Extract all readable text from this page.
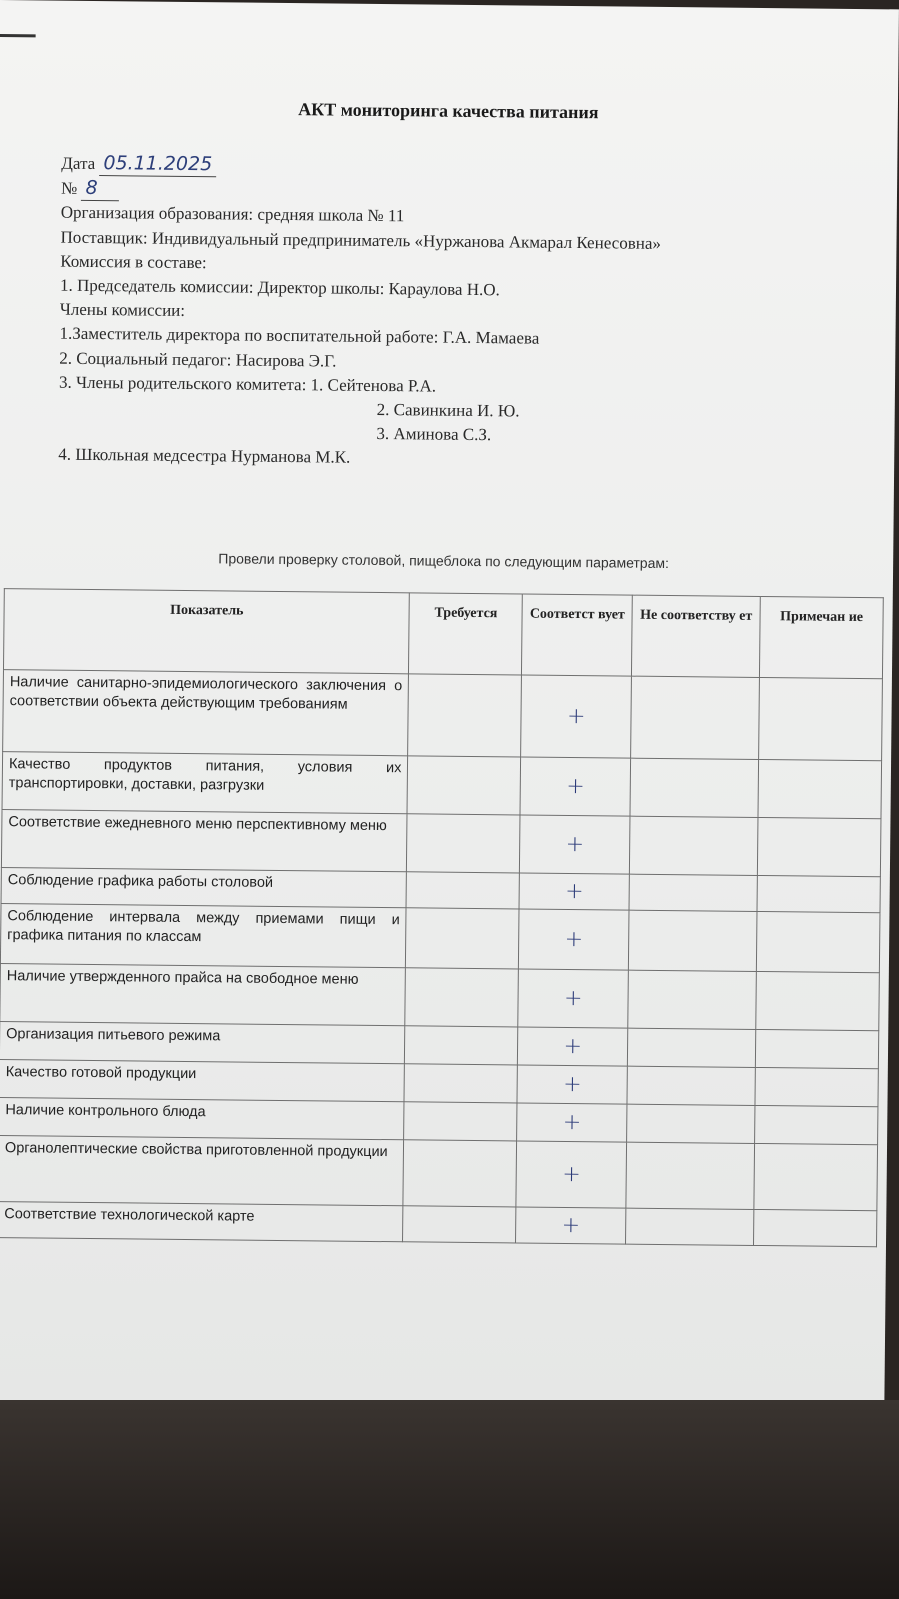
АКТ мониторинга качества питания
Дата 05.11.2025
№ 8
Организация образования: средняя школа № 11
Поставщик: Индивидуальный предприниматель «Нуржанова Акмарал Кенесовна»
Комиссия в составе:
1. Председатель комиссии: Директор школы: Караулова Н.О.
Члены комиссии:
1.Заместитель директора по воспитательной работе: Г.А. Мамаева
2. Социальный педагог: Насирова Э.Г.
3. Члены родительского комитета: 1. Сейтенова Р.А.
2. Савинкина И. Ю.
3. Аминова С.З.
4. Школьная медсестра Нурманова М.К.
Провели проверку столовой, пищеблока по следующим параметрам:
Показатель	Требуется	Соответст вует	Не соответству ет	Примечан ие
Наличие санитарно-эпидемиологического заключения о соответствии объекта действующим требованиям		+		
Качество продуктов питания, условия их транспортировки, доставки, разгрузки		+		
Соответствие ежедневного меню перспективному меню		+		
Соблюдение графика работы столовой		+		
Соблюдение интервала между приемами пищи и графика питания по классам		+		
Наличие утвержденного прайса на свободное меню		+		
Организация питьевого режима		+		
Качество готовой продукции		+		
Наличие контрольного блюда		+		
Органолептические свойства приготовленной продукции		+		
Соответствие технологической карте		+		
